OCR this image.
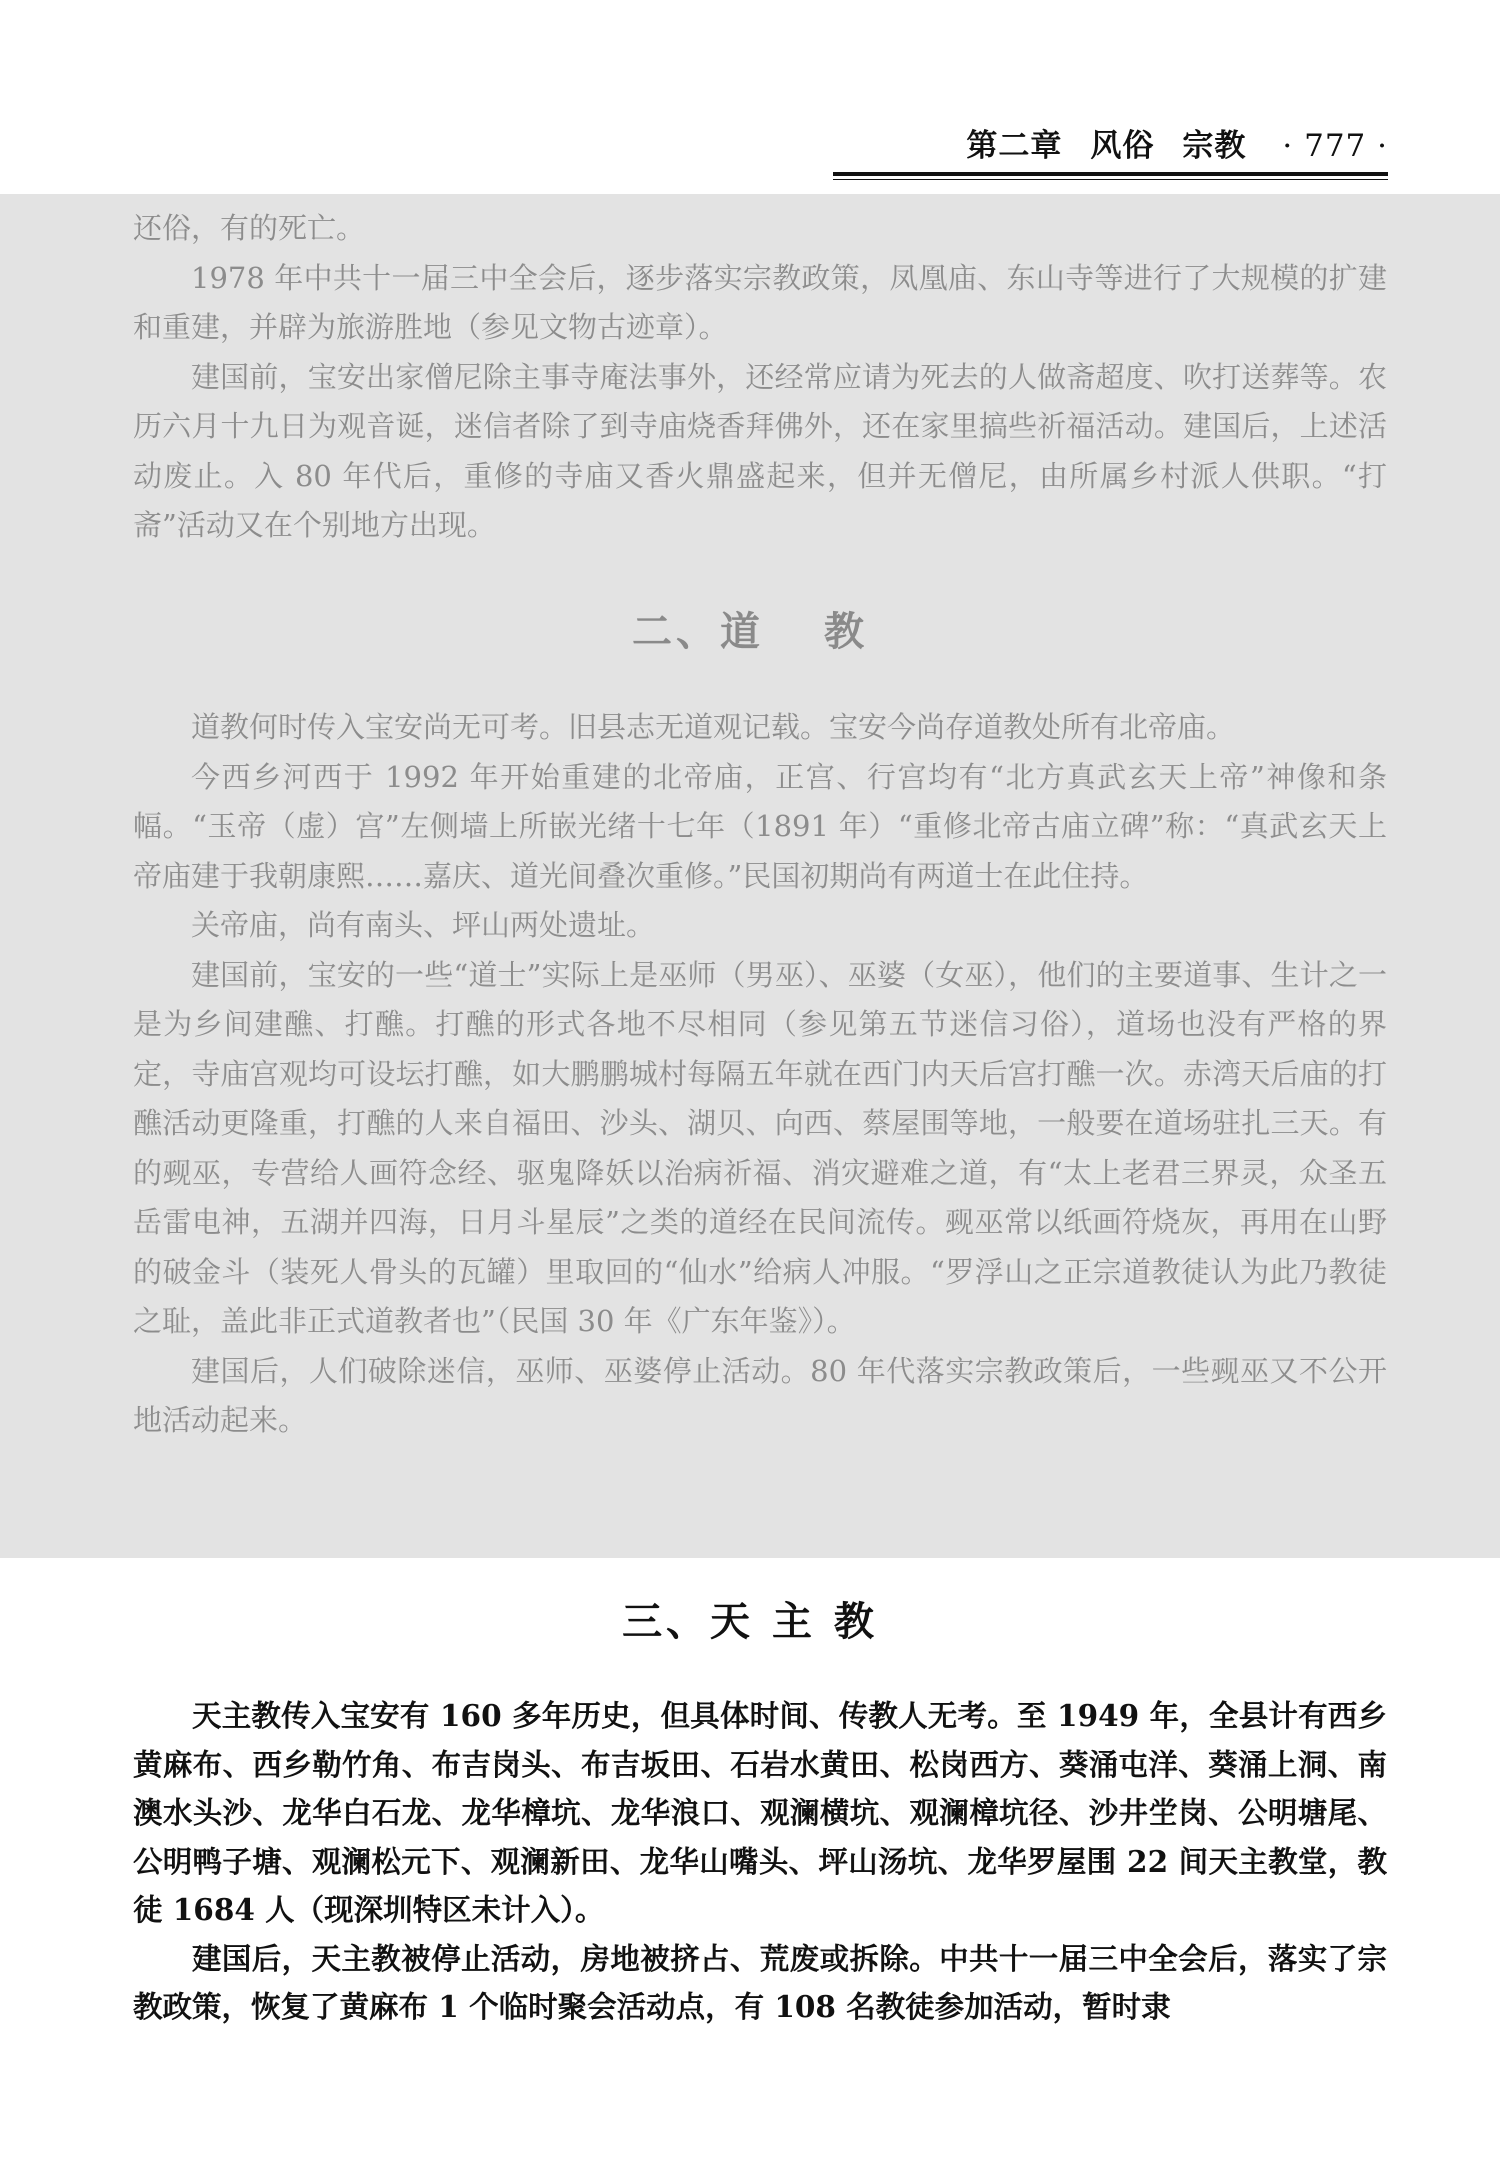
第二章 风俗 宗教 · 777 ·

还俗，有的死亡。

1978 年中共十一届三中全会后，逐步落实宗教政策，凤凰庙、东山寺等进行了大规模的扩建和重建，并辟为旅游胜地（参见文物古迹章）。

建国前，宝安出家僧尼除主事寺庵法事外，还经常应请为死去的人做斋超度、吹打送葬等。农历六月十九日为观音诞，迷信者除了到寺庙烧香拜佛外，还在家里搞些祈福活动。建国后，上述活动废止。入 80 年代后，重修的寺庙又香火鼎盛起来，但并无僧尼，由所属乡村派人供职。“打斋”活动又在个别地方出现。

二、道 教

道教何时传入宝安尚无可考。旧县志无道观记载。宝安今尚存道教处所有北帝庙。

今西乡河西于 1992 年开始重建的北帝庙，正宫、行宫均有“北方真武玄天上帝”神像和条幅。“玉帝（虚）宫”左侧墙上所嵌光绪十七年（1891 年）“重修北帝古庙立碑”称：“真武玄天上帝庙建于我朝康熙……嘉庆、道光间叠次重修。”民国初期尚有两道士在此住持。

关帝庙，尚有南头、坪山两处遗址。

建国前，宝安的一些“道士”实际上是巫师（男巫）、巫婆（女巫），他们的主要道事、生计之一是为乡间建醮、打醮。打醮的形式各地不尽相同（参见第五节迷信习俗），道场也没有严格的界定，寺庙宫观均可设坛打醮，如大鹏鹏城村每隔五年就在西门内天后宫打醮一次。赤湾天后庙的打醮活动更隆重，打醮的人来自福田、沙头、湖贝、向西、蔡屋围等地，一般要在道场驻扎三天。有的觋巫，专营给人画符念经、驱鬼降妖以治病祈福、消灾避难之道，有“太上老君三界灵，众圣五岳雷电神，五湖并四海，日月斗星辰”之类的道经在民间流传。觋巫常以纸画符烧灰，再用在山野的破金斗（装死人骨头的瓦罐）里取回的“仙水”给病人冲服。“罗浮山之正宗道教徒认为此乃教徒之耻，盖此非正式道教者也”（民国 30 年《广东年鉴》）。

建国后，人们破除迷信，巫师、巫婆停止活动。80 年代落实宗教政策后，一些觋巫又不公开地活动起来。

三、天 主 教

天主教传入宝安有 160 多年历史，但具体时间、传教人无考。至 1949 年，全县计有西乡黄麻布、西乡勒竹角、布吉岗头、布吉坂田、石岩水黄田、松岗西方、葵涌屯洋、葵涌上洞、南澳水头沙、龙华白石龙、龙华樟坑、龙华浪口、观澜横坑、观澜樟坑径、沙井坣岗、公明塘尾、公明鸭子塘、观澜松元下、观澜新田、龙华山嘴头、坪山汤坑、龙华罗屋围 22 间天主教堂，教徒 1684 人（现深圳特区未计入）。

建国后，天主教被停止活动，房地被挤占、荒废或拆除。中共十一届三中全会后，落实了宗教政策，恢复了黄麻布 1 个临时聚会活动点，有 108 名教徒参加活动，暂时隶
